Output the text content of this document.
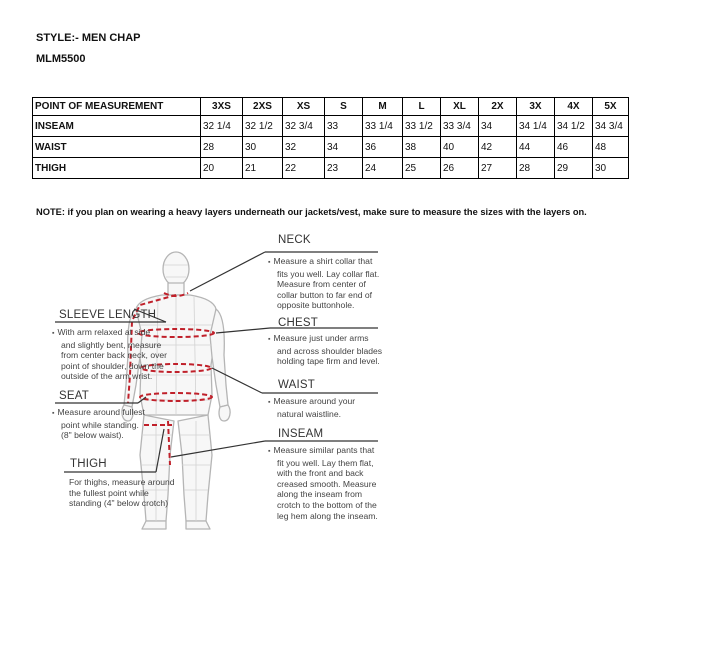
STYLE:- MEN CHAP
MLM5500
POINT OF MEASUREMENT	3XS	2XS	XS	S	M	L	XL	2X	3X	4X	5X
INSEAM	32 1/4	32 1/2	32 3/4	33	33 1/4	33 1/2	33 3/4	34	34 1/4	34 1/2	34 3/4
WAIST	28	30	32	34	36	38	40	42	44	46	48
THIGH	20	21	22	23	24	25	26	27	28	29	30
NOTE: if you plan on wearing a heavy layers underneath our jackets/vest, make sure to measure the sizes with the layers on.
NECK
▪ Measure a shirt collar that
fits you well. Lay collar flat.
Measure from center of
collar button to far end of
opposite buttonhole.
CHEST
▪ Measure just under arms
and across shoulder blades
holding tape firm and level.
WAIST
▪ Measure around your
natural waistline.
INSEAM
▪ Measure similar pants that
fit you well. Lay them flat,
with the front and back
creased smooth. Measure
along the inseam from
crotch to the bottom of the
leg hem along the inseam.
SLEEVE LENGTH
▪ With arm relaxed at side
and slightly bent, measure
from center back neck, over
point of shoulder, down the
outside of the arm wrist.
SEAT
▪ Measure around fullest
point while standing.
(8" below waist).
THIGH
For thighs, measure around
the fullest point while
standing (4" below crotch)
